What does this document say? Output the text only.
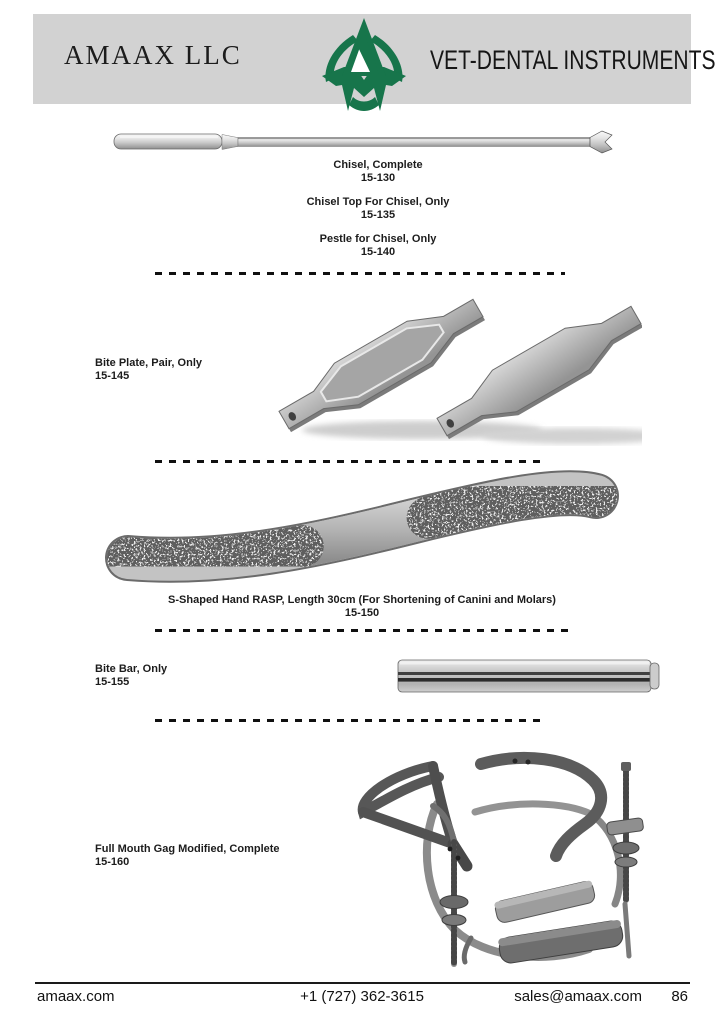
AMAAX LLC	VET-DENTAL INSTRUMENTS
Chisel, Complete
15-130
Chisel Top For Chisel, Only
15-135
Pestle for Chisel, Only
15-140
Bite Plate, Pair, Only
15-145
S-Shaped Hand RASP, Length 30cm (For Shortening of Canini and Molars)
15-150
Bite Bar, Only
15-155
Full Mouth Gag Modified, Complete
15-160
amaax.com	+1 (727) 362-3615	sales@amaax.com 86
